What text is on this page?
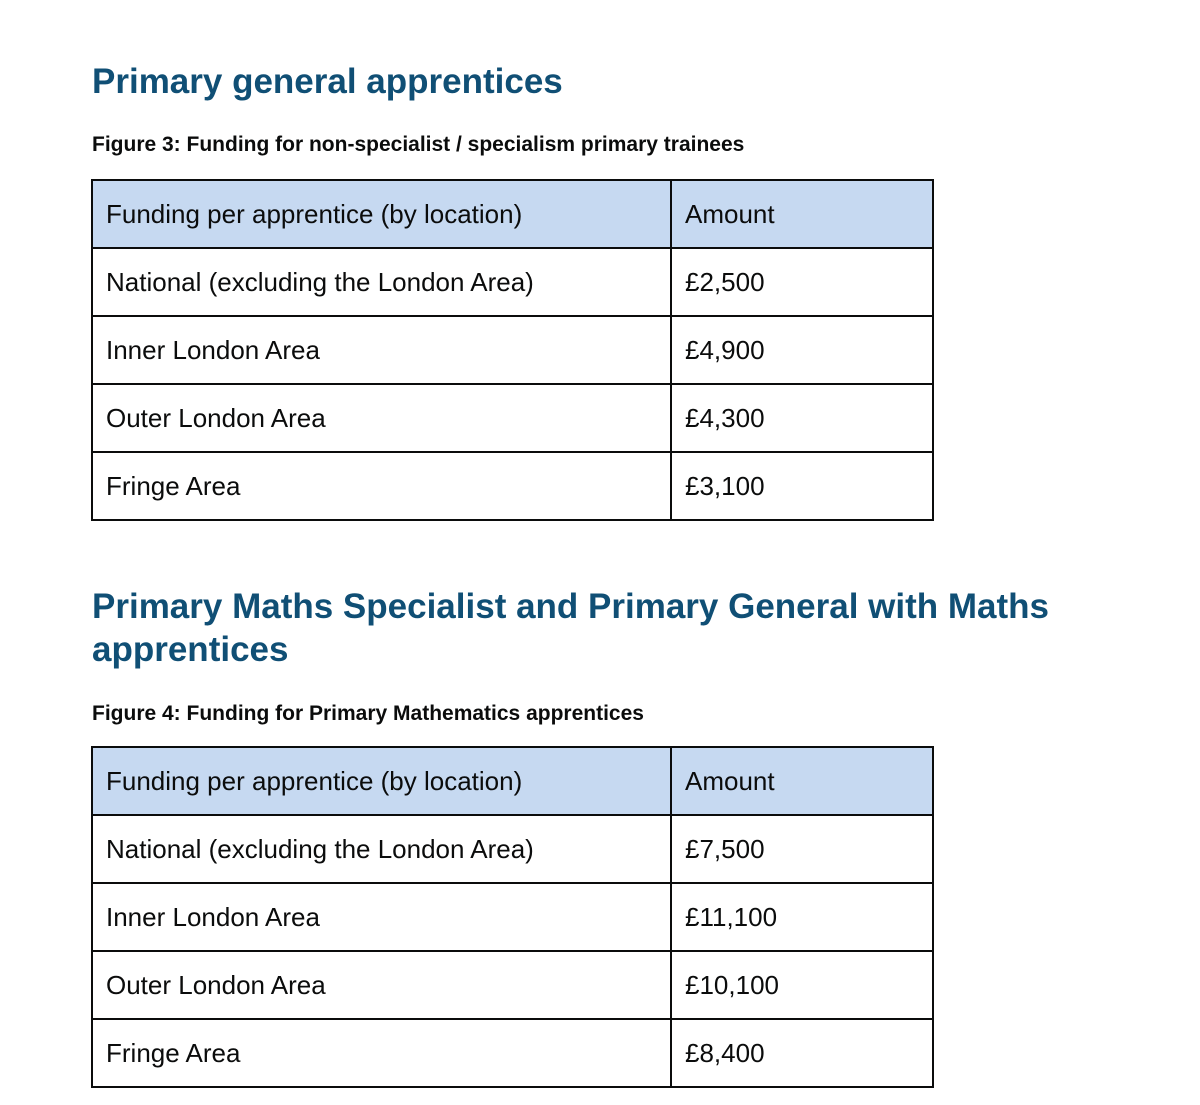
Primary general apprentices

Figure 3: Funding for non-specialist / specialism primary trainees

Funding per apprentice (by location)	Amount
National (excluding the London Area)	£2,500
Inner London Area	£4,900
Outer London Area	£4,300
Fringe Area	£3,100
Primary Maths Specialist and Primary General with Maths
apprentices

Figure 4: Funding for Primary Mathematics apprentices

Funding per apprentice (by location)	Amount
National (excluding the London Area)	£7,500
Inner London Area	£11,100
Outer London Area	£10,100
Fringe Area	£8,400
